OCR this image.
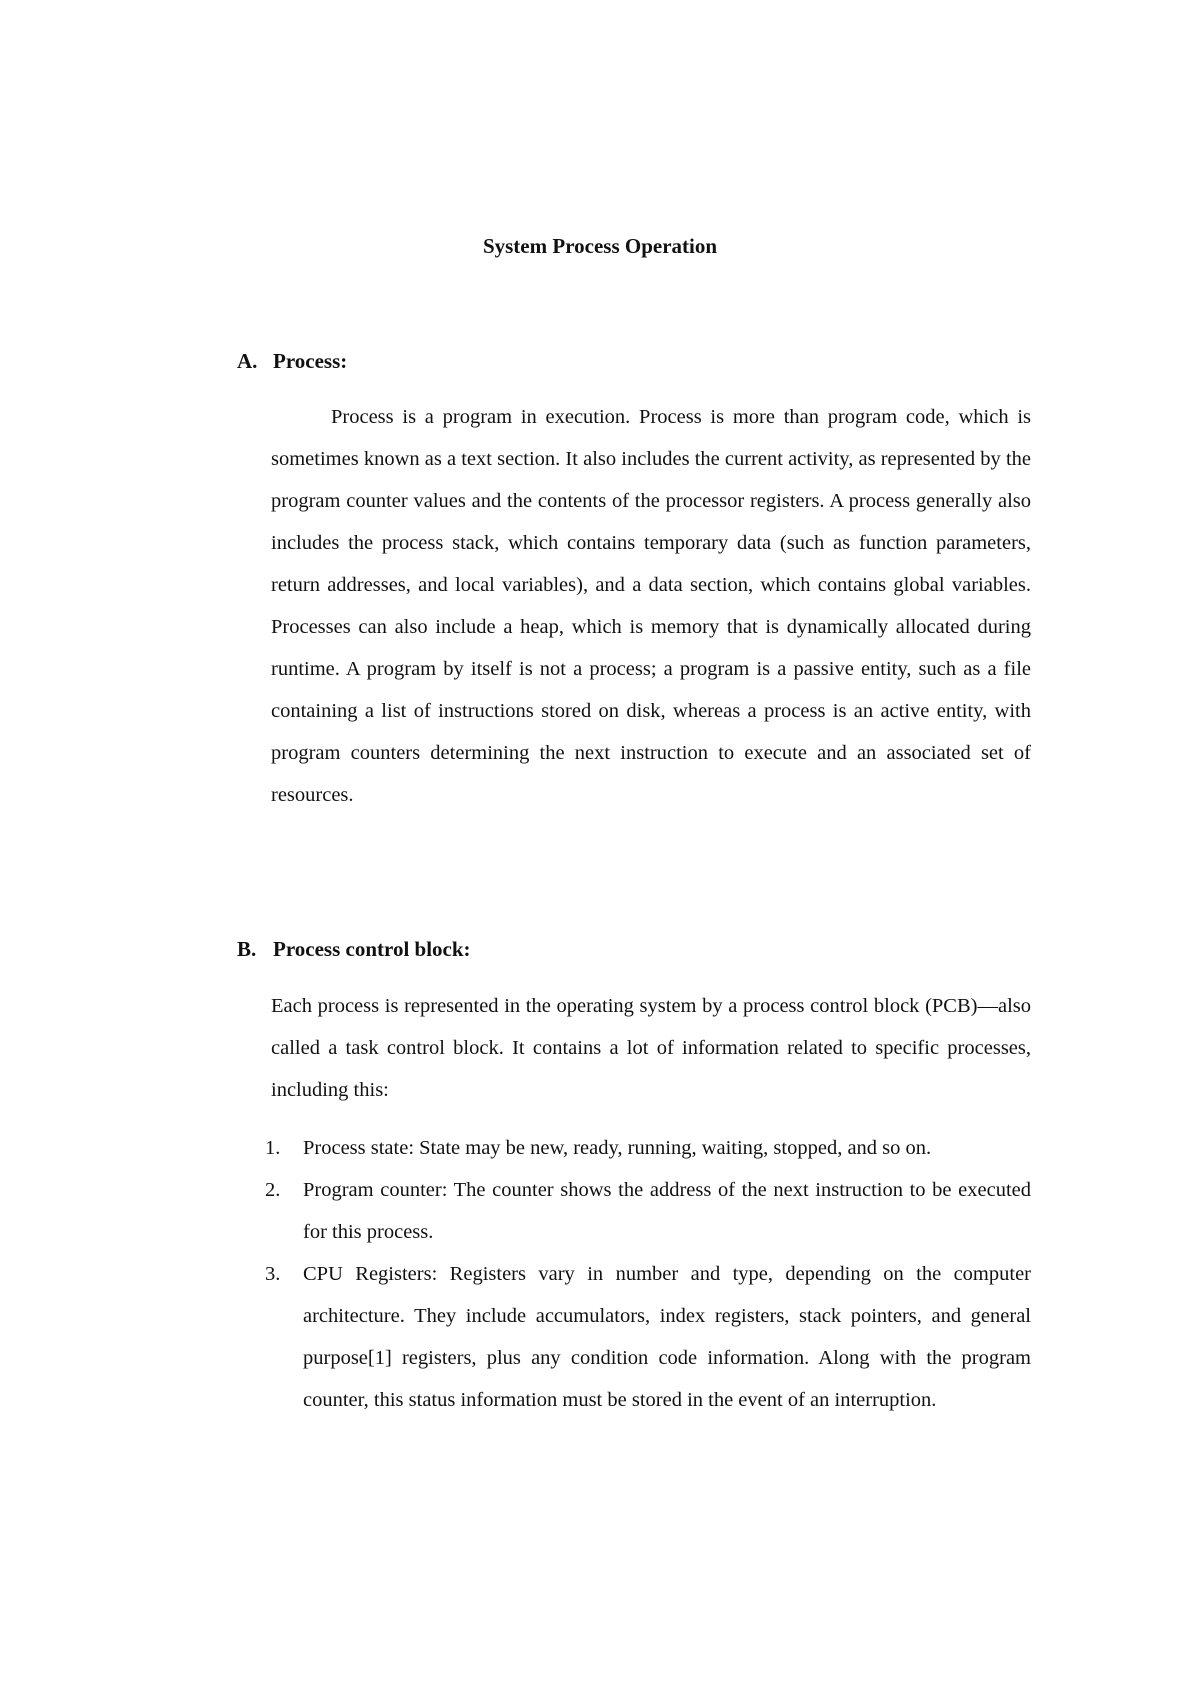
System Process Operation
A. Process:

Process is a program in execution. Process is more than program code, which is sometimes known as a text section. It also includes the current activity, as represented by the program counter values and the contents of the processor registers. A process generally also includes the process stack, which contains temporary data (such as function parameters, return addresses, and local variables), and a data section, which contains global variables. Processes can also include a heap, which is memory that is dynamically allocated during runtime. A program by itself is not a process; a program is a passive entity, such as a file containing a list of instructions stored on disk, whereas a process is an active entity, with program counters determining the next instruction to execute and an associated set of resources.

B. Process control block:

Each process is represented in the operating system by a process control block (PCB)—also called a task control block. It contains a lot of information related to specific processes, including this:

1. Process state: State may be new, ready, running, waiting, stopped, and so on.
2. Program counter: The counter shows the address of the next instruction to be executed for this process.
3. CPU Registers: Registers vary in number and type, depending on the computer architecture. They include accumulators, index registers, stack pointers, and general purpose[1] registers, plus any condition code information. Along with the program counter, this status information must be stored in the event of an interruption.
